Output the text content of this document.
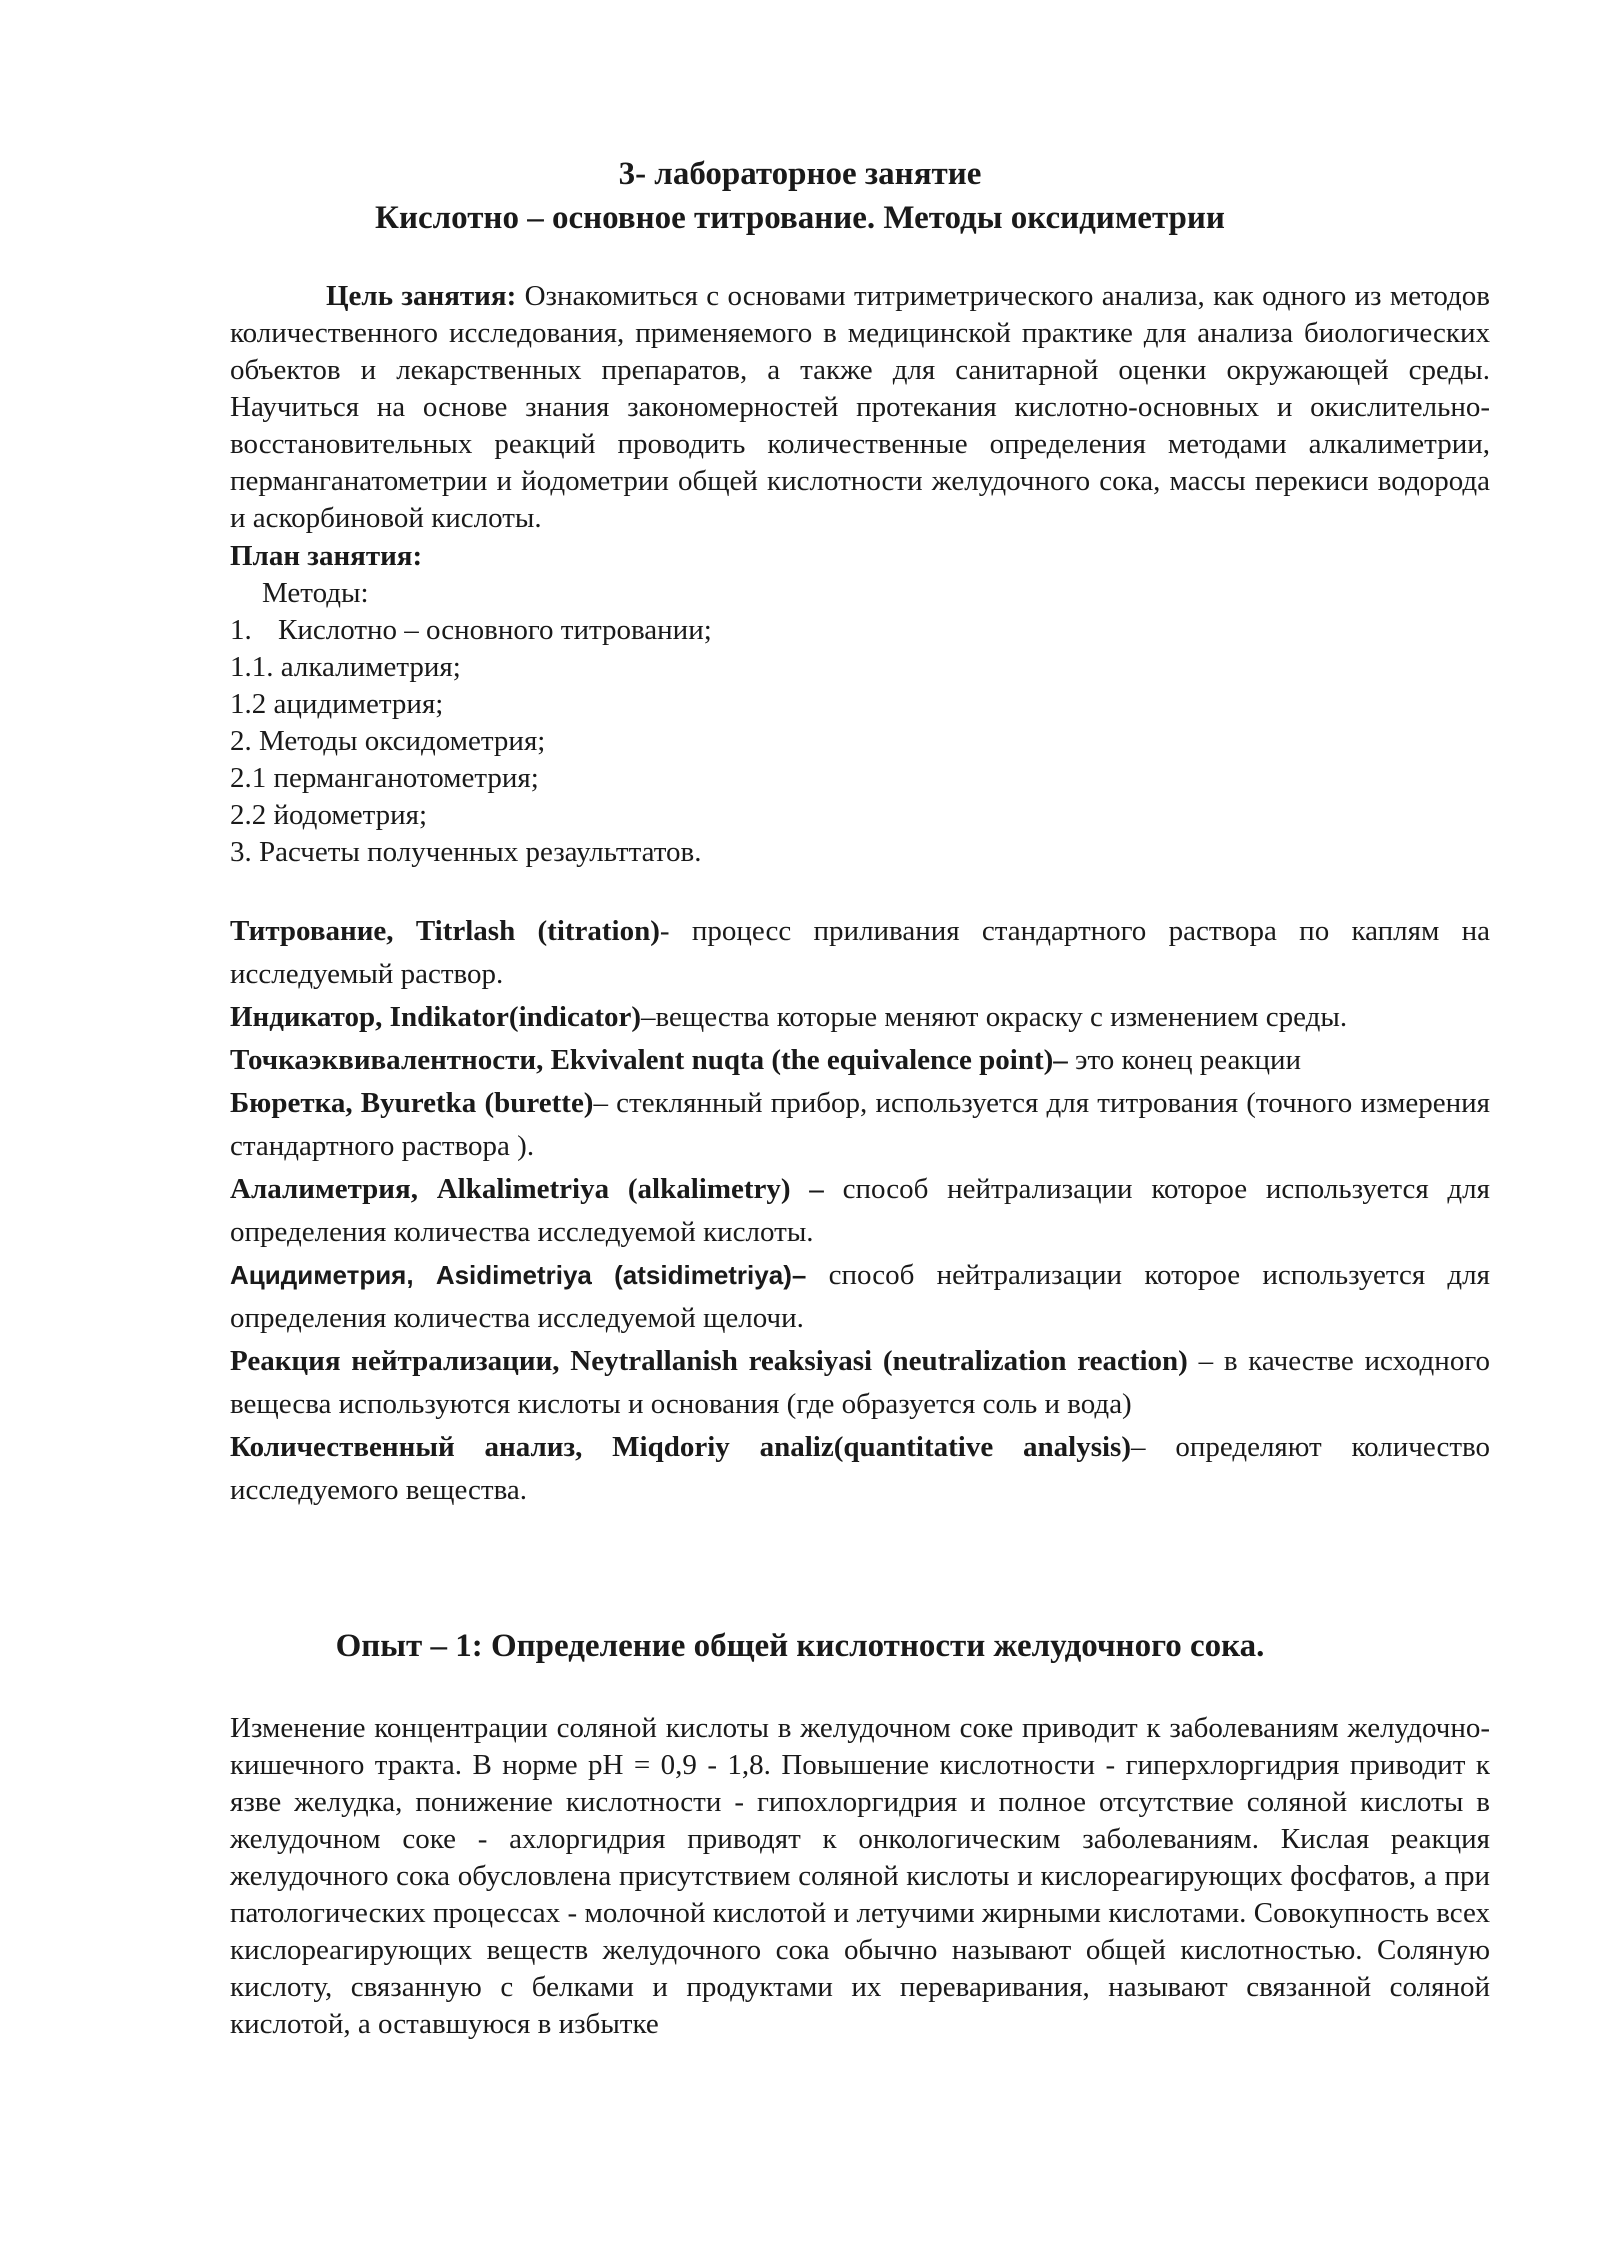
3- лабораторное занятие
Кислотно – основное титрование. Методы оксидиметрии
Цель занятия: Ознакомиться с основами титриметрического анализа, как одного из методов количественного исследования, применяемого в медицинской практике для анализа биологических объектов и лекарственных препаратов, а также для санитарной оценки окружающей среды. Научиться на основе знания закономерностей протекания кислотно-основных и окислительно-восстановительных реакций проводить количественные определения методами алкалиметрии, перманганатометрии и йодометрии общей кислотности желудочного сока, массы перекиси водорода и аскорбиновой кислоты.
План занятия:
Методы:
1. Кислотно – основного титровании;
1.1. алкалиметрия;
1.2 ацидиметрия;
2. Методы оксидометрия;
2.1 перманганотометрия;
2.2 йодометрия;
3. Расчеты полученных резаульттатов.

Титрование, Titrlash (titration)- процесс приливания стандартного раствора по каплям на исследуемый раствор.

Индикатор, Indikator(indicator)–вещества которые меняют окраску с изменением среды.

Точкаэквивалентности, Ekvivalent nuqta (the equivalence point)– это конец реакции

Бюретка, Byuretka (burette)– стеклянный прибор, используется для титрования (точного измерения стандартного раствора ).

Алалиметрия, Alkalimetriya (alkalimetry) – способ нейтрализации которое используется для определения количества исследуемой кислоты.

Ацидиметрия, Asidimetriya (atsidimetriya)– способ нейтрализации которое используется для определения количества исследуемой щелочи.

Реакция нейтрализации, Neytrallanish reaksiyasi (neutralization reaction) – в качестве исходного вещесва используются кислоты и основания (где образуется соль и вода)

Количественный анализ, Miqdoriy analiz(quantitative analysis)– определяют количество исследуемого вещества.

Опыт – 1: Определение общей кислотности желудочного сока.
Изменение концентрации соляной кислоты в желудочном соке приводит к заболеваниям желудочно-кишечного тракта. В норме pH = 0,9 - 1,8. Повышение кислотности - гиперхлоргидрия приводит к язве желудка, понижение кислотности - гипохлоргидрия и полное отсутствие соляной кислоты в желудочном соке - ахлоргидрия приводят к онкологическим заболеваниям. Кислая реакция желудочного сока обусловлена присутствием соляной кислоты и кислореагирующих фосфатов, а при патологических процессах - молочной кислотой и летучими жирными кислотами. Совокупность всех кислореагирующих веществ желудочного сока обычно называют общей кислотностью. Соляную кислоту, связанную с белками и продуктами их переваривания, называют связанной соляной кислотой, а оставшуюся в избытке
